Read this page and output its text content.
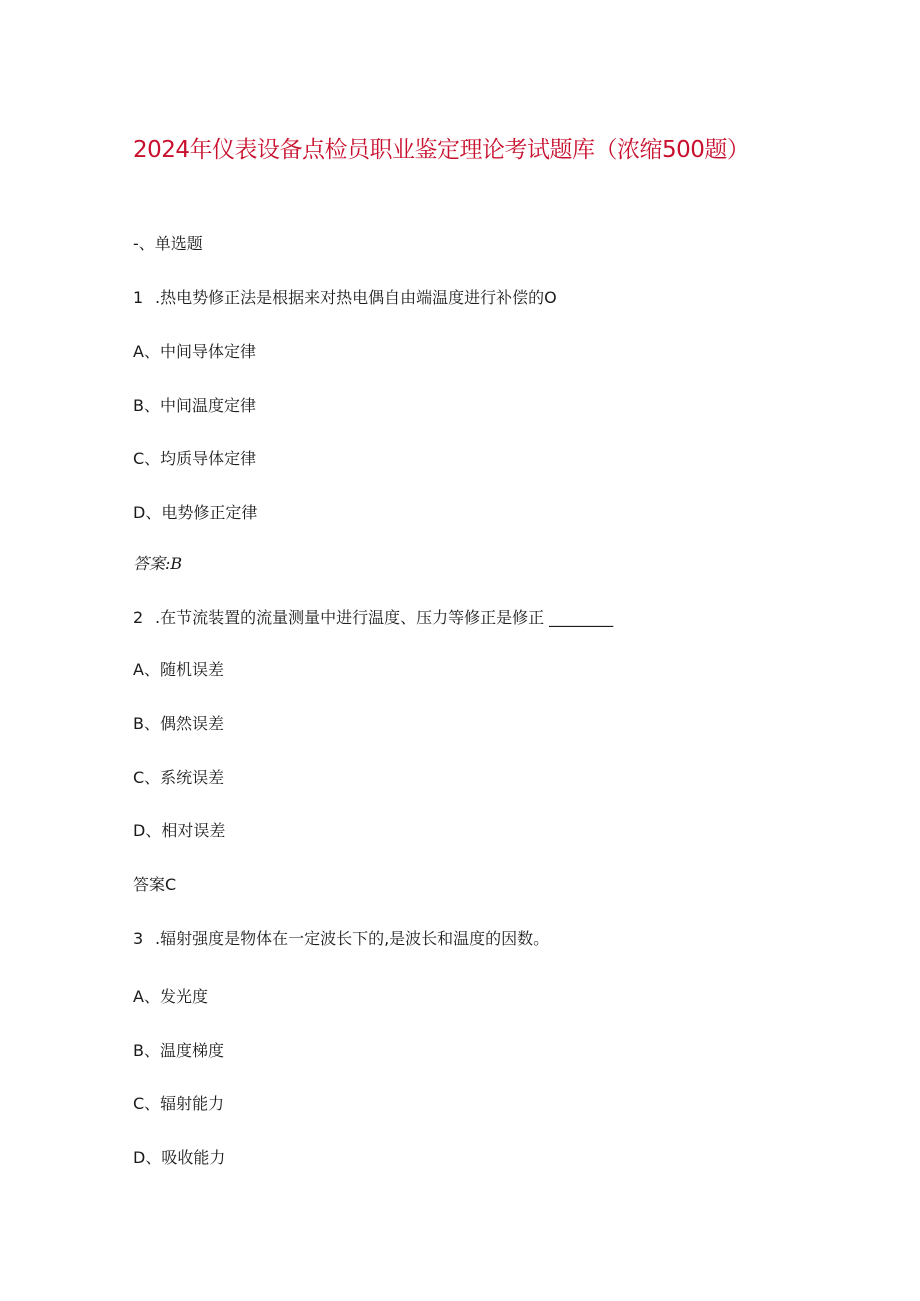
2024年仪表设备点检员职业鉴定理论考试题库（浓缩500题）
-、单选题
1 .热电势修正法是根据来对热电偶自由端温度进行补偿的O
A、中间导体定律
B、中间温度定律
C、均质导体定律
D、电势修正定律
答案:B
2 .在节流装置的流量测量中进行温度、压力等修正是修正 ________
A、随机误差
B、偶然误差
C、系统误差
D、相对误差
答案C
3 .辐射强度是物体在一定波长下的,是波长和温度的因数。
A、发光度
B、温度梯度
C、辐射能力
D、吸收能力
